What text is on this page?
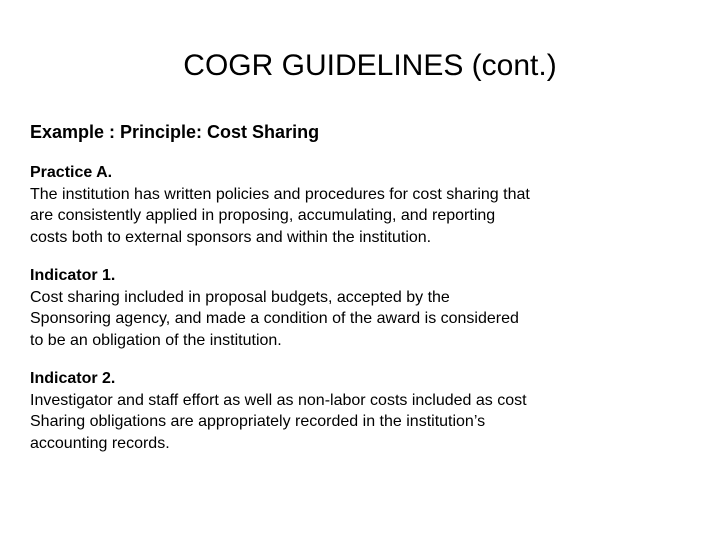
COGR GUIDELINES (cont.)

Example : Principle: Cost Sharing

Practice A.
The institution has written policies and procedures for cost sharing that
are consistently applied in proposing, accumulating, and reporting
costs both to external sponsors and within the institution.
Indicator 1.
Cost sharing included in proposal budgets, accepted by the
Sponsoring agency, and made a condition of the award is considered
to be an obligation of the institution.
Indicator 2.
Investigator and staff effort as well as non-labor costs included as cost
Sharing obligations are appropriately recorded in the institution’s
accounting records.
